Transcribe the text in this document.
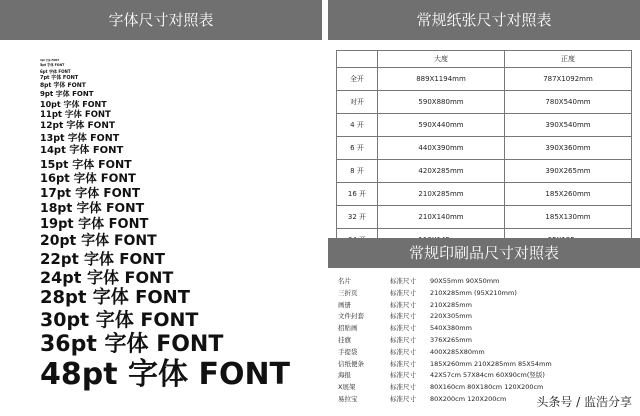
字体尺寸对照表
4pt 字体 FONT
5pt 字体 FONT
6pt 字体 FONT
7pt 字体 FONT
8pt 字体 FONT
9pt 字体 FONT
10pt 字体 FONT
11pt 字体 FONT
12pt 字体 FONT
13pt 字体 FONT
14pt 字体 FONT
15pt 字体 FONT
16pt 字体 FONT
17pt 字体 FONT
18pt 字体 FONT
19pt 字体 FONT
20pt 字体 FONT
22pt 字体 FONT
24pt 字体 FONT
28pt 字体 FONT
30pt 字体 FONT
36pt 字体 FONT
48pt 字体 FONT
常规纸张尺寸对照表
	大度	正度
全开	889X1194mm	787X1092mm
对开	590X880mm	780X540mm
4 开	590X440mm	390X540mm
6 开	440X390mm	390X360mm
8 开	420X285mm	390X265mm
16 开	210X285mm	185X260mm
32 开	210X140mm	185X130mm

常规印刷品尺寸对照表
名片	标准尺寸 90X55mm 90X50mm
三折页	标准尺寸 210X285mm (95X210mm)
画册	标准尺寸 210X285mm
文件封套	标准尺寸 220X305mm
招贴画	标准尺寸 540X380mm
挂旗	标准尺寸 376X265mm
手提袋	标准尺寸 400X285X80mm
信纸便条	标准尺寸 185X260mm 210X285mm 85X54mm
海报	标准尺寸 42X57cm 57X84cm 60X90cm(竖版)
X展架	标准尺寸 80X160cm 80X180cm 120X200cm
易拉宝	标准尺寸 80X200cm 120X200cm	头条号 / 监浩分享
